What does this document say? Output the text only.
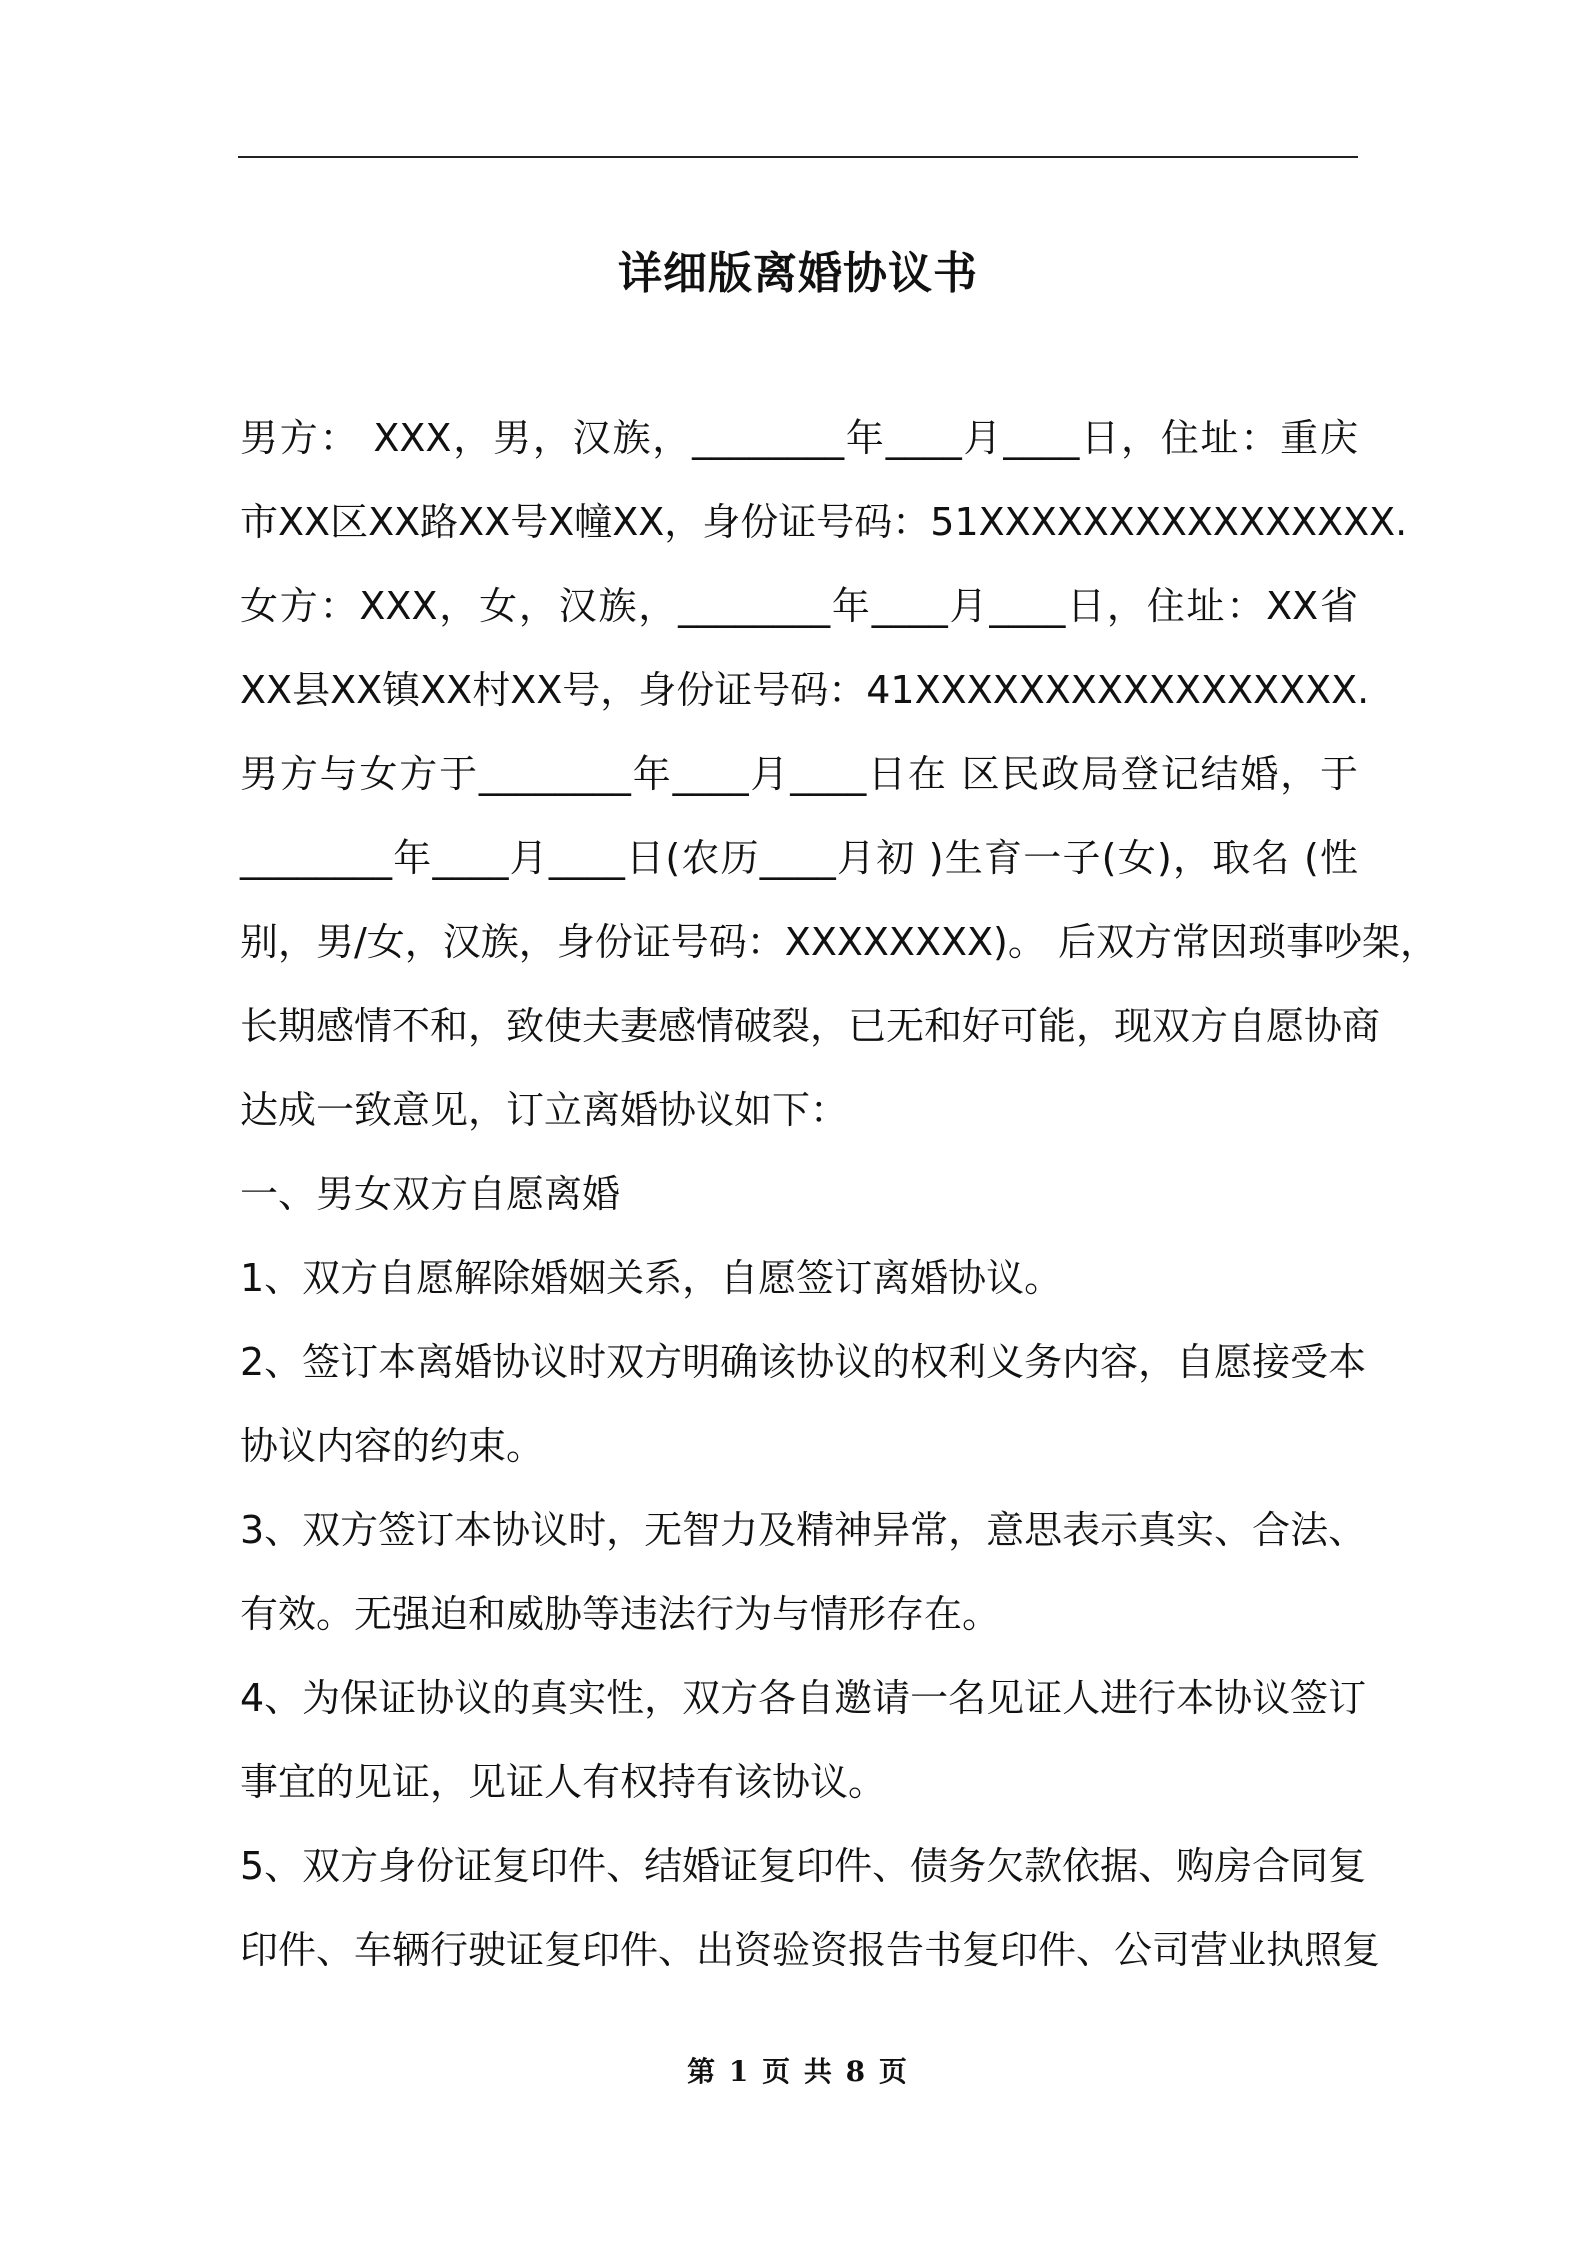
详细版离婚协议书
男方： XXX，男，汉族，________年____月____日，住址：重庆
市XX区XX路XX号X幢XX，身份证号码：51XXXXXXXXXXXXXXXX.
女方：XXX，女，汉族，________年____月____日，住址：XX省
XX县XX镇XX村XX号，身份证号码：41XXXXXXXXXXXXXXXXX.
男方与女方于________年____月____日在 区民政局登记结婚，于
________年____月____日(农历____月初 )生育一子(女)，取名 (性
别，男/女，汉族，身份证号码：XXXXXXXX)。 后双方常因琐事吵架，
长期感情不和，致使夫妻感情破裂，已无和好可能，现双方自愿协商
达成一致意见，订立离婚协议如下：
一、男女双方自愿离婚
1、双方自愿解除婚姻关系，自愿签订离婚协议。
2、签订本离婚协议时双方明确该协议的权利义务内容，自愿接受本
协议内容的约束。
3、双方签订本协议时，无智力及精神异常，意思表示真实、合法、
有效。无强迫和威胁等违法行为与情形存在。
4、为保证协议的真实性，双方各自邀请一名见证人进行本协议签订
事宜的见证，见证人有权持有该协议。
5、双方身份证复印件、结婚证复印件、债务欠款依据、购房合同复
印件、车辆行驶证复印件、出资验资报告书复印件、公司营业执照复
第 1 页 共 8 页
